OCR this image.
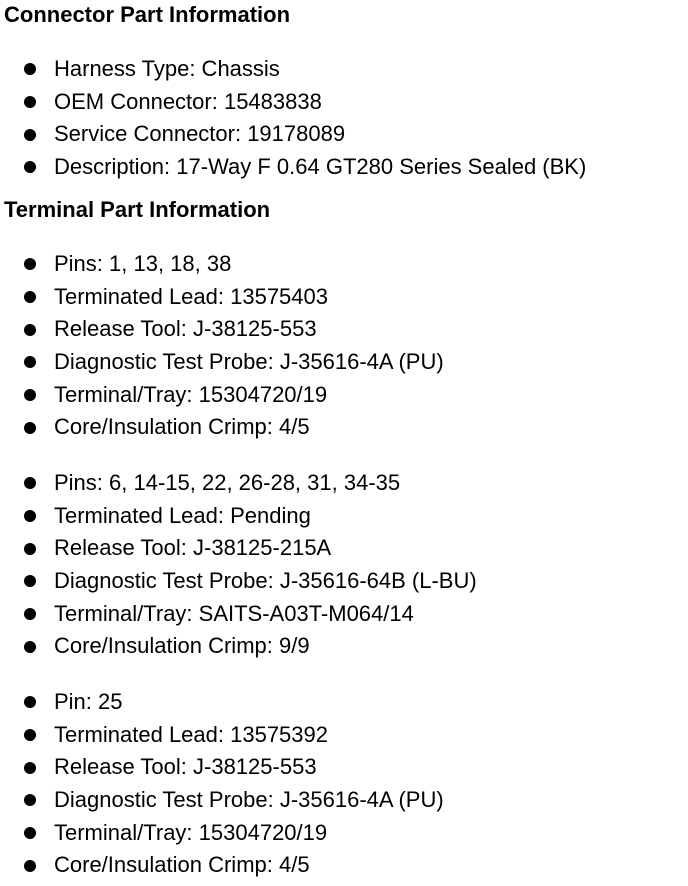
Connector Part Information
Harness Type: Chassis
OEM Connector: 15483838
Service Connector: 19178089
Description: 17-Way F 0.64 GT280 Series Sealed (BK)
Terminal Part Information
Pins: 1, 13, 18, 38
Terminated Lead: 13575403
Release Tool: J-38125-553
Diagnostic Test Probe: J-35616-4A (PU)
Terminal/Tray: 15304720/19
Core/Insulation Crimp: 4/5
Pins: 6, 14-15, 22, 26-28, 31, 34-35
Terminated Lead: Pending
Release Tool: J-38125-215A
Diagnostic Test Probe: J-35616-64B (L-BU)
Terminal/Tray: SAITS-A03T-M064/14
Core/Insulation Crimp: 9/9
Pin: 25
Terminated Lead: 13575392
Release Tool: J-38125-553
Diagnostic Test Probe: J-35616-4A (PU)
Terminal/Tray: 15304720/19
Core/Insulation Crimp: 4/5
